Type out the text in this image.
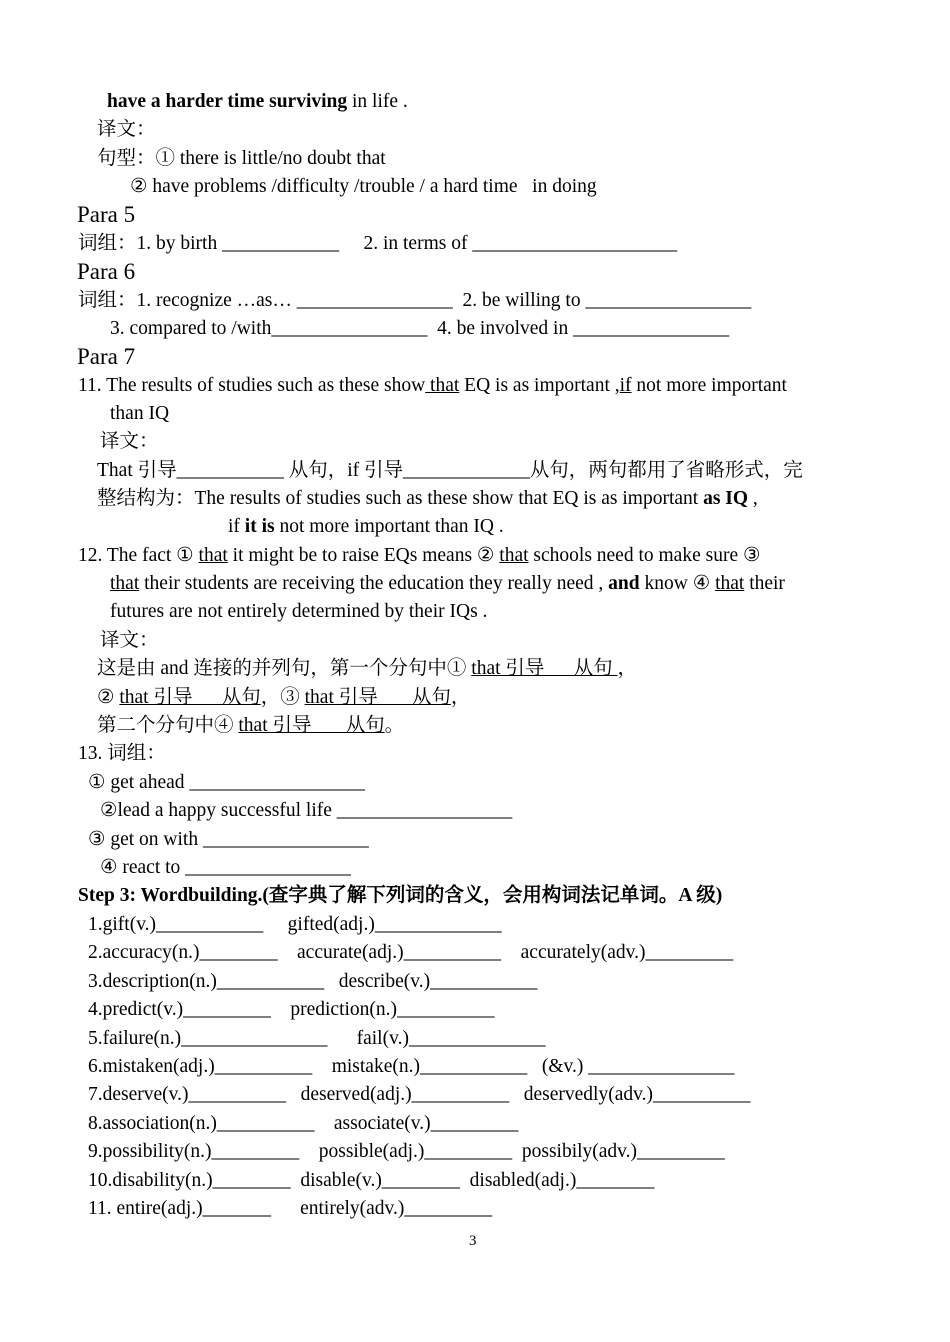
have a harder time surviving in life .
译文：
句型：① there is little/no doubt that
② have problems /difficulty /trouble / a hard time   in doing
Para 5
词组：1. by birth ____________     2. in terms of _____________________
Para 6
词组：1. recognize …as… ________________  2. be willing to _________________
3. compared to /with________________  4. be involved in ________________
Para 7
11. The results of studies such as these show that EQ is as important ,if not more important
than IQ
译文：
That 引导___________ 从句，if 引导_____________从句，两句都用了省略形式，完
整结构为：The results of studies such as these show that EQ is as important as IQ ,
if it is not more important than IQ .
12. The fact ① that it might be to raise EQs means ② that schools need to make sure ③
that their students are receiving the education they really need , and know ④ that their
futures are not entirely determined by their IQs .
译文：
这是由 and 连接的并列句，第一个分句中① that 引导      从句 ，
② that 引导      从句，③ that 引导       从句，
第二个分句中④ that 引导       从句。
13. 词组：
① get ahead __________________
②lead a happy successful life __________________
③ get on with _________________
④ react to _________________
Step 3: Wordbuilding.(查字典了解下列词的含义，会用构词法记单词。A 级)
1.gift(v.)___________     gifted(adj.)_____________
2.accuracy(n.)________    accurate(adj.)__________    accurately(adv.)_________
3.description(n.)___________   describe(v.)___________
4.predict(v.)_________    prediction(n.)__________
5.failure(n.)_______________      fail(v.)______________
6.mistaken(adj.)__________    mistake(n.)___________   (&v.) _______________
7.deserve(v.)__________   deserved(adj.)__________   deservedly(adv.)__________
8.association(n.)__________    associate(v.)_________
9.possibility(n.)_________    possible(adj.)_________  possibily(adv.)_________
10.disability(n.)________  disable(v.)________  disabled(adj.)________
11. entire(adj.)_______      entirely(adv.)_________
3
